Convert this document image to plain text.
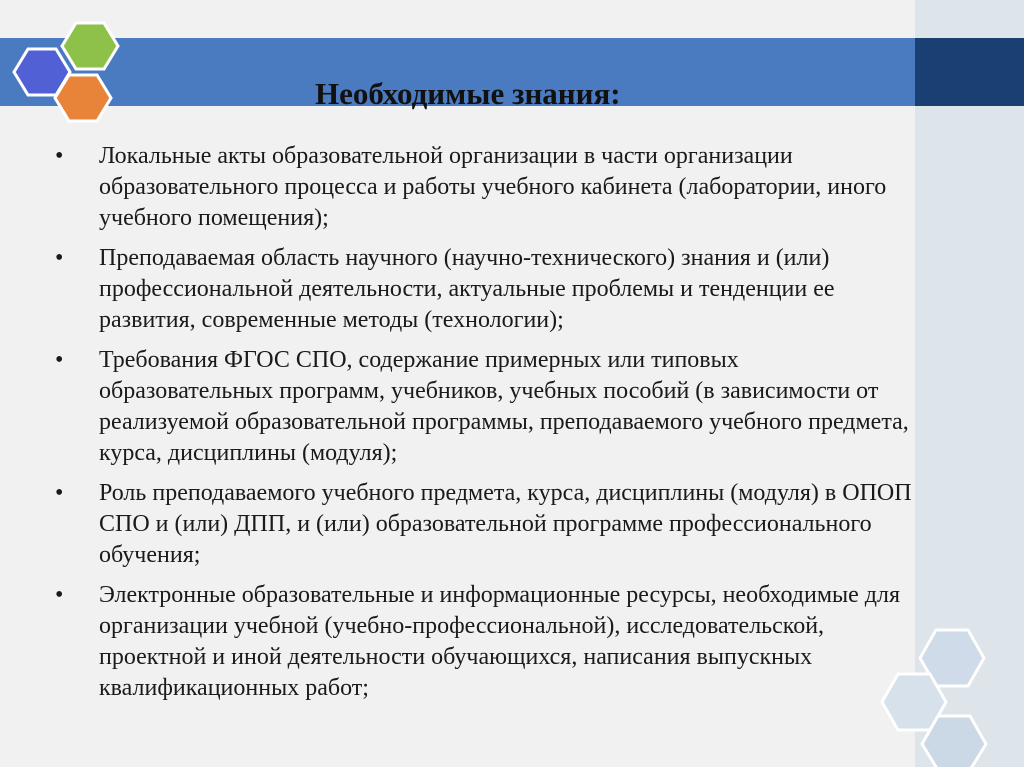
Необходимые знания:
• Локальные акты образовательной организации в части организации образовательного процесса и работы учебного кабинета (лаборатории, иного учебного помещения);
• Преподаваемая область научного (научно-технического) знания и (или) профессиональной деятельности, актуальные проблемы и тенденции ее развития, современные методы (технологии);
• Требования ФГОС СПО, содержание примерных или типовых образовательных программ, учебников, учебных пособий (в зависимости от реализуемой образовательной программы, преподаваемого учебного предмета, курса, дисциплины (модуля);
• Роль преподаваемого учебного предмета, курса, дисциплины (модуля) в ОПОП СПО и (или) ДПП, и (или) образовательной программе профессионального обучения;
• Электронные образовательные и информационные ресурсы, необходимые для организации учебной (учебно-профессиональной), исследовательской, проектной и иной деятельности обучающихся, написания выпускных квалификационных работ;
